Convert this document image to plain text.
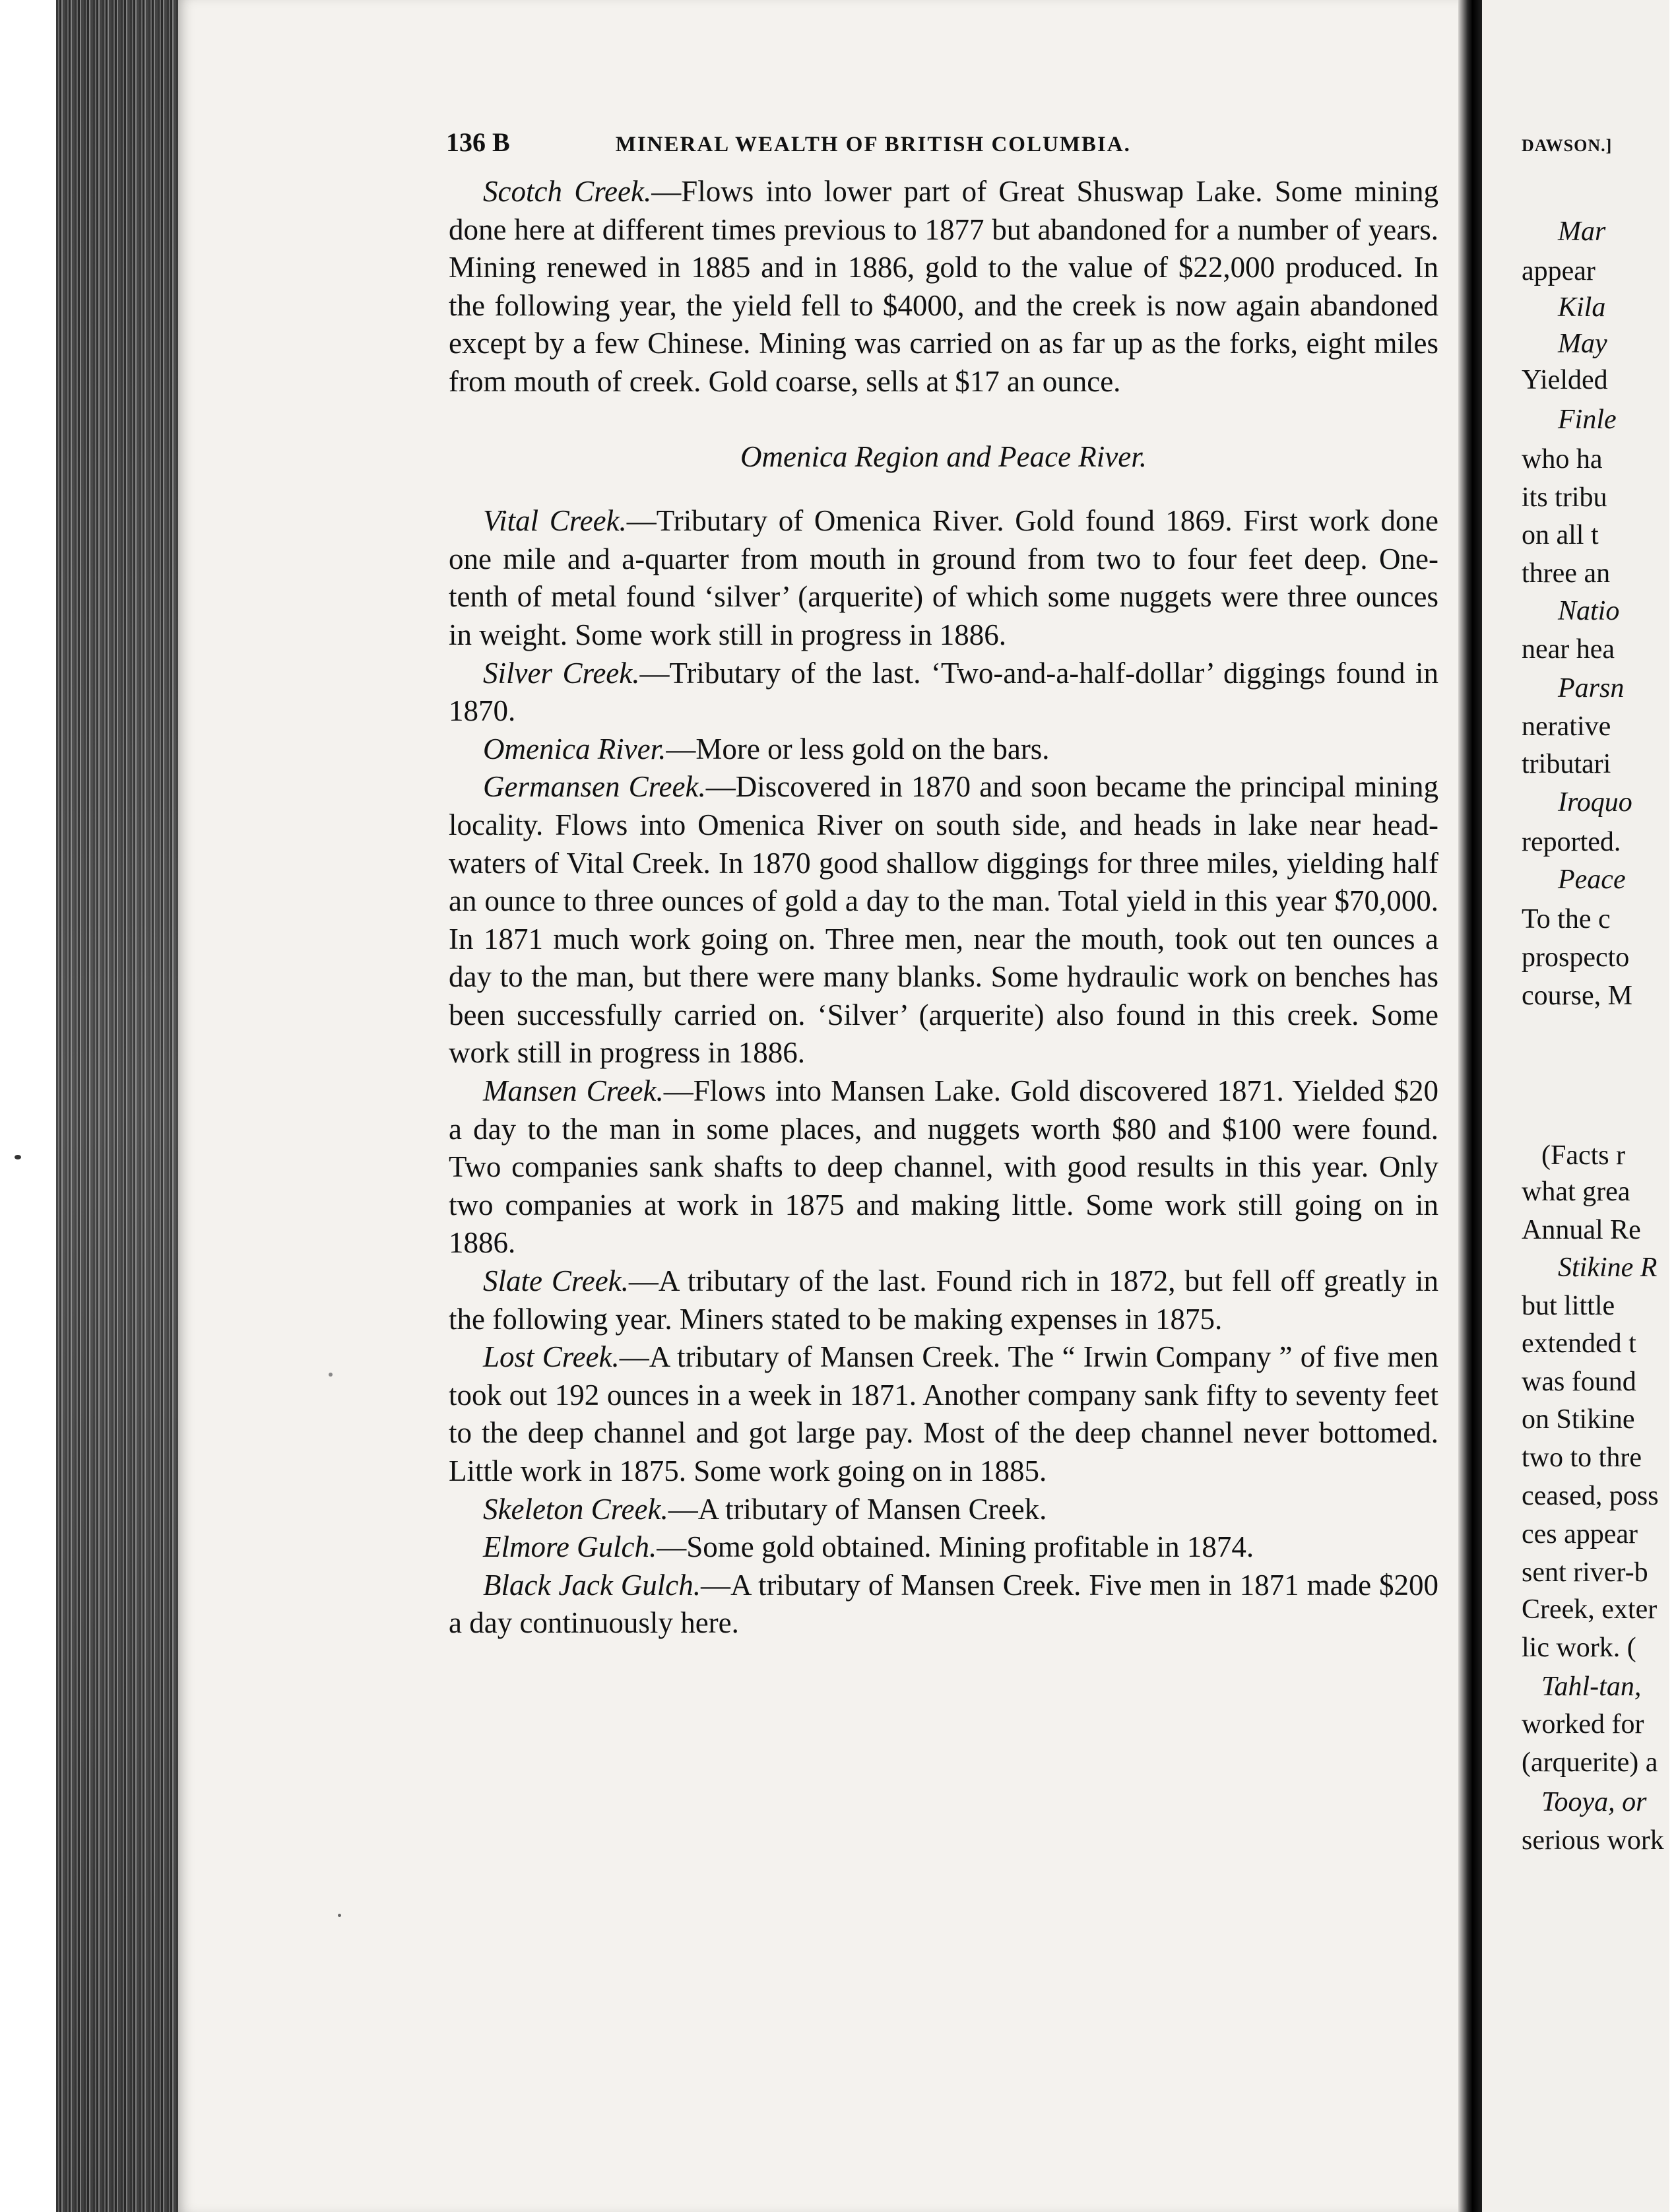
136 B	MINERAL WEALTH OF BRITISH COLUMBIA.

Scotch Creek.—Flows into lower part of Great Shuswap Lake. Some mining done here at different times previous to 1877 but abandoned for a number of years. Mining renewed in 1885 and in 1886, gold to the value of $22,000 produced. In the following year, the yield fell to $4000, and the creek is now again abandoned except by a few Chinese. Mining was carried on as far up as the forks, eight miles from mouth of creek. Gold coarse, sells at $17 an ounce.

Omenica Region and Peace River.

Vital Creek.—Tributary of Omenica River. Gold found 1869. First work done one mile and a-quarter from mouth in ground from two to four feet deep. One-tenth of metal found ‘silver’ (arquerite) of which some nuggets were three ounces in weight. Some work still in progress in 1886.

Silver Creek.—Tributary of the last. ‘Two-and-a-half-dollar’ diggings found in 1870.

Omenica River.—More or less gold on the bars.

Germansen Creek.—Discovered in 1870 and soon became the principal mining locality. Flows into Omenica River on south side, and heads in lake near head-waters of Vital Creek. In 1870 good shallow diggings for three miles, yielding half an ounce to three ounces of gold a day to the man. Total yield in this year $70,000. In 1871 much work going on. Three men, near the mouth, took out ten ounces a day to the man, but there were many blanks. Some hydraulic work on benches has been successfully carried on. ‘Silver’ (arquerite) also found in this creek. Some work still in progress in 1886.

Mansen Creek.—Flows into Mansen Lake. Gold discovered 1871. Yielded $20 a day to the man in some places, and nuggets worth $80 and $100 were found. Two companies sank shafts to deep channel, with good results in this year. Only two companies at work in 1875 and making little. Some work still going on in 1886.

Slate Creek.—A tributary of the last. Found rich in 1872, but fell off greatly in the following year. Miners stated to be making expenses in 1875.

Lost Creek.—A tributary of Mansen Creek. The “ Irwin Company ” of five men took out 192 ounces in a week in 1871. Another company sank fifty to seventy feet to the deep channel and got large pay. Most of the deep channel never bottomed. Little work in 1875. Some work going on in 1885.

Skeleton Creek.—A tributary of Mansen Creek.

Elmore Gulch.—Some gold obtained. Mining profitable in 1874.

Black Jack Gulch.—A tributary of Mansen Creek. Five men in 1871 made $200 a day continuously here.

DAWSON.]
Mar
appear
Kila
May
Yielded
Finle
who ha
its tribu
on all t
three an
Natio
near hea
Parsn
nerative
tributari
Iroquo
reported.
Peace
To the c
prospecto
course, M
(Facts r
what grea
Annual Re
Stikine R
but little
extended t
was found
on Stikine
two to thre
ceased, poss
ces appear
sent river-b
Creek, exter
lic work. (
Tahl-tan,
worked for
(arquerite) a
Tooya, or
serious work
